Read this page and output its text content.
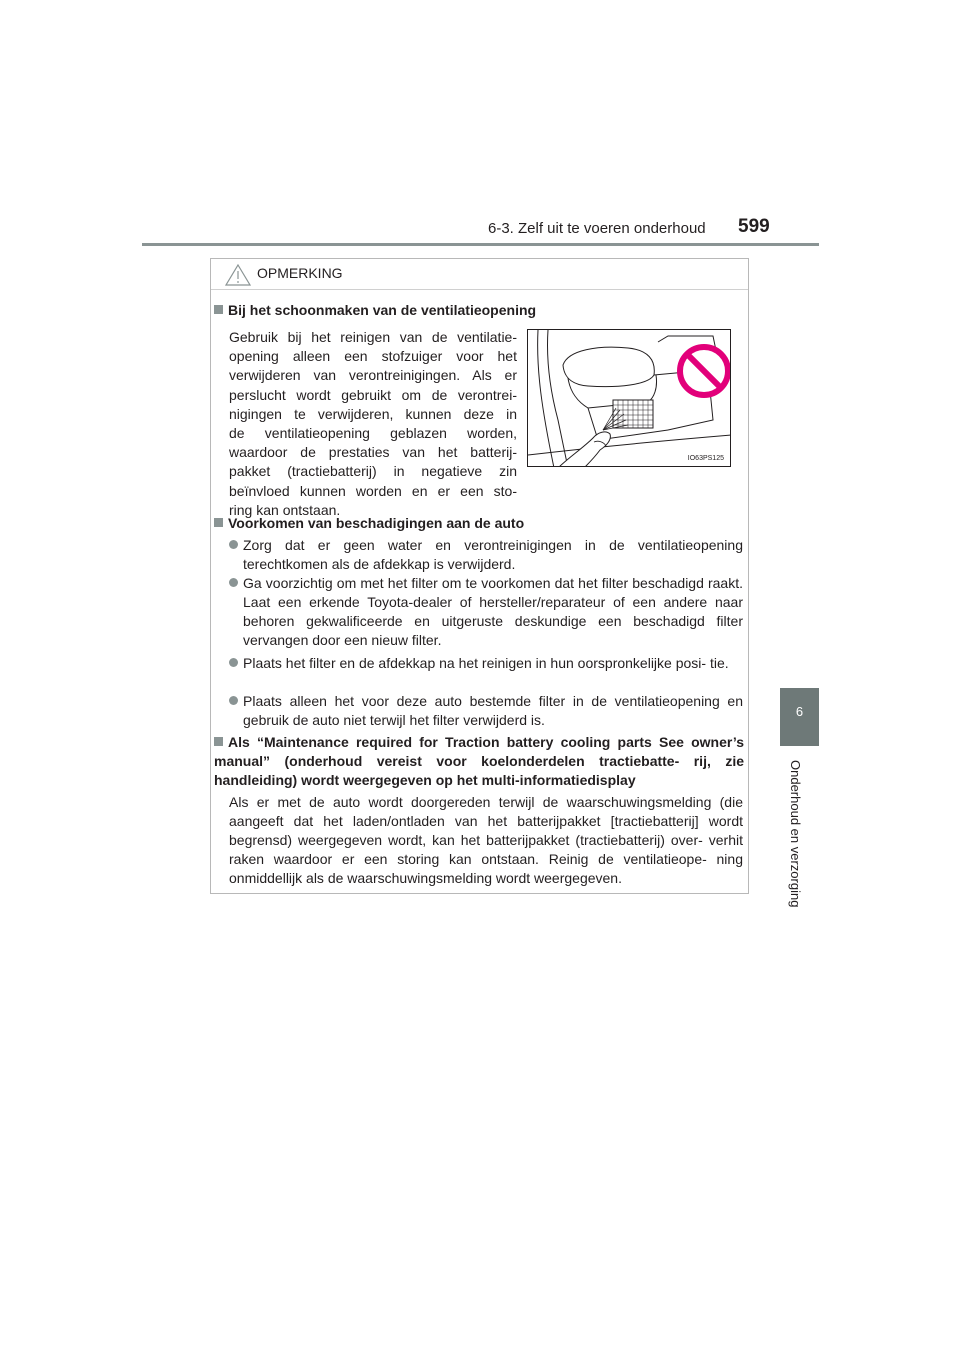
6-3. Zelf uit te voeren onderhoud 599
6
Onderhoud en verzorging
OPMERKING
Bij het schoonmaken van de ventilatieopening
Gebruik bij het reinigen van de ventilatie-
opening alleen een stofzuiger voor het
verwijderen van verontreinigingen. Als er
perslucht wordt gebruikt om de verontrei-
nigingen te verwijderen, kunnen deze in
de ventilatieopening geblazen worden,
waardoor de prestaties van het batterij-
pakket (tractiebatterij) in negatieve zin
beïnvloed kunnen worden en er een sto-
ring kan ontstaan.
IO63PS125
Voorkomen van beschadigingen aan de auto
Zorg dat er geen water en verontreinigingen in de ventilatieopening terechtkomen als de afdekkap is verwijderd.
Ga voorzichtig om met het filter om te voorkomen dat het filter beschadigd raakt. Laat een erkende Toyota-dealer of hersteller/reparateur of een andere naar behoren gekwalificeerde en uitgeruste deskundige een beschadigd filter vervangen door een nieuw filter.
Plaats het filter en de afdekkap na het reinigen in hun oorspronkelijke posi- tie.
Plaats alleen het voor deze auto bestemde filter in de ventilatieopening en gebruik de auto niet terwijl het filter verwijderd is.
Als “Maintenance required for Traction battery cooling parts See owner’s manual” (onderhoud vereist voor koelonderdelen tractiebatte- rij, zie handleiding) wordt weergegeven op het multi-informatiedisplay
Als er met de auto wordt doorgereden terwijl de waarschuwingsmelding (die aangeeft dat het laden/ontladen van het batterijpakket [tractiebatterij] wordt begrensd) weergegeven wordt, kan het batterijpakket (tractiebatterij) over- verhit raken waardoor er een storing kan ontstaan. Reinig de ventilatieope- ning onmiddellijk als de waarschuwingsmelding wordt weergegeven.
